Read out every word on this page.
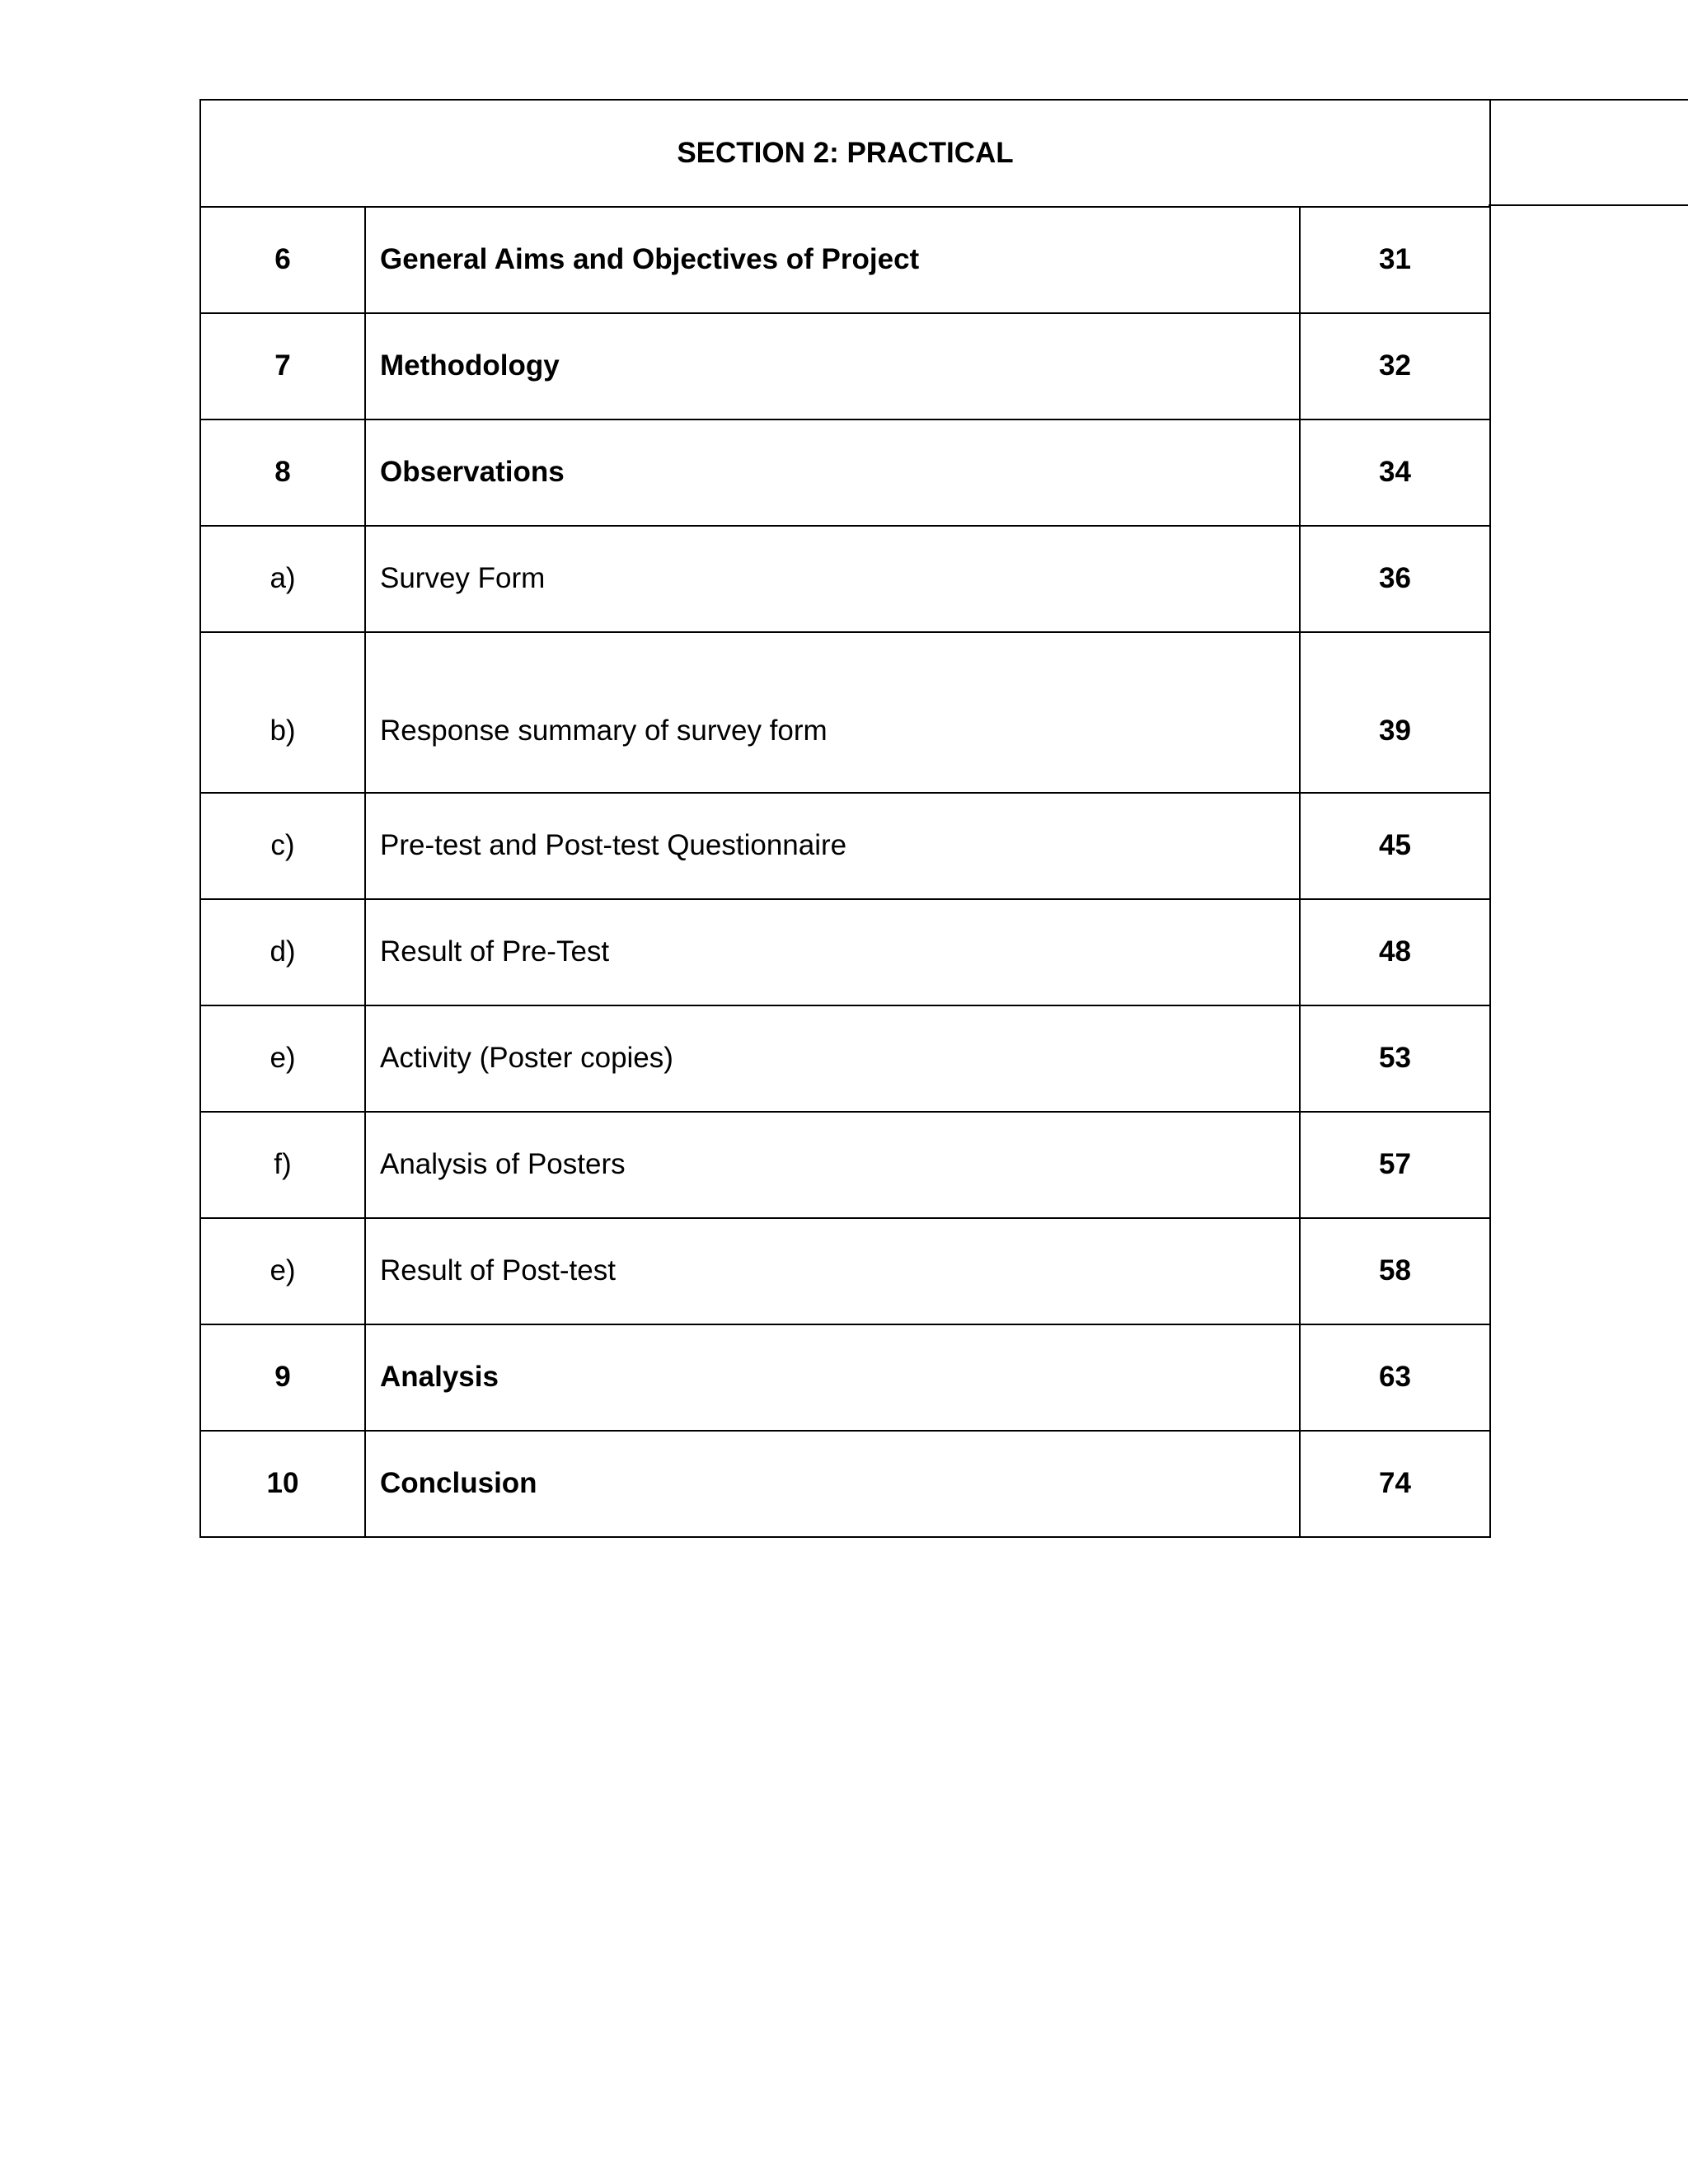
SECTION 2: PRACTICAL		
6	General Aims and Objectives of Project	31
7	Methodology	32
8	Observations	34
a)	Survey Form	36
b)	Response summary of survey form	39
c)	Pre-test and Post-test Questionnaire	45
d)	Result of Pre-Test	48
e)	Activity (Poster copies)	53
f)	Analysis of Posters	57
e)	Result of Post-test	58
9	Analysis	63
10	Conclusion	74
